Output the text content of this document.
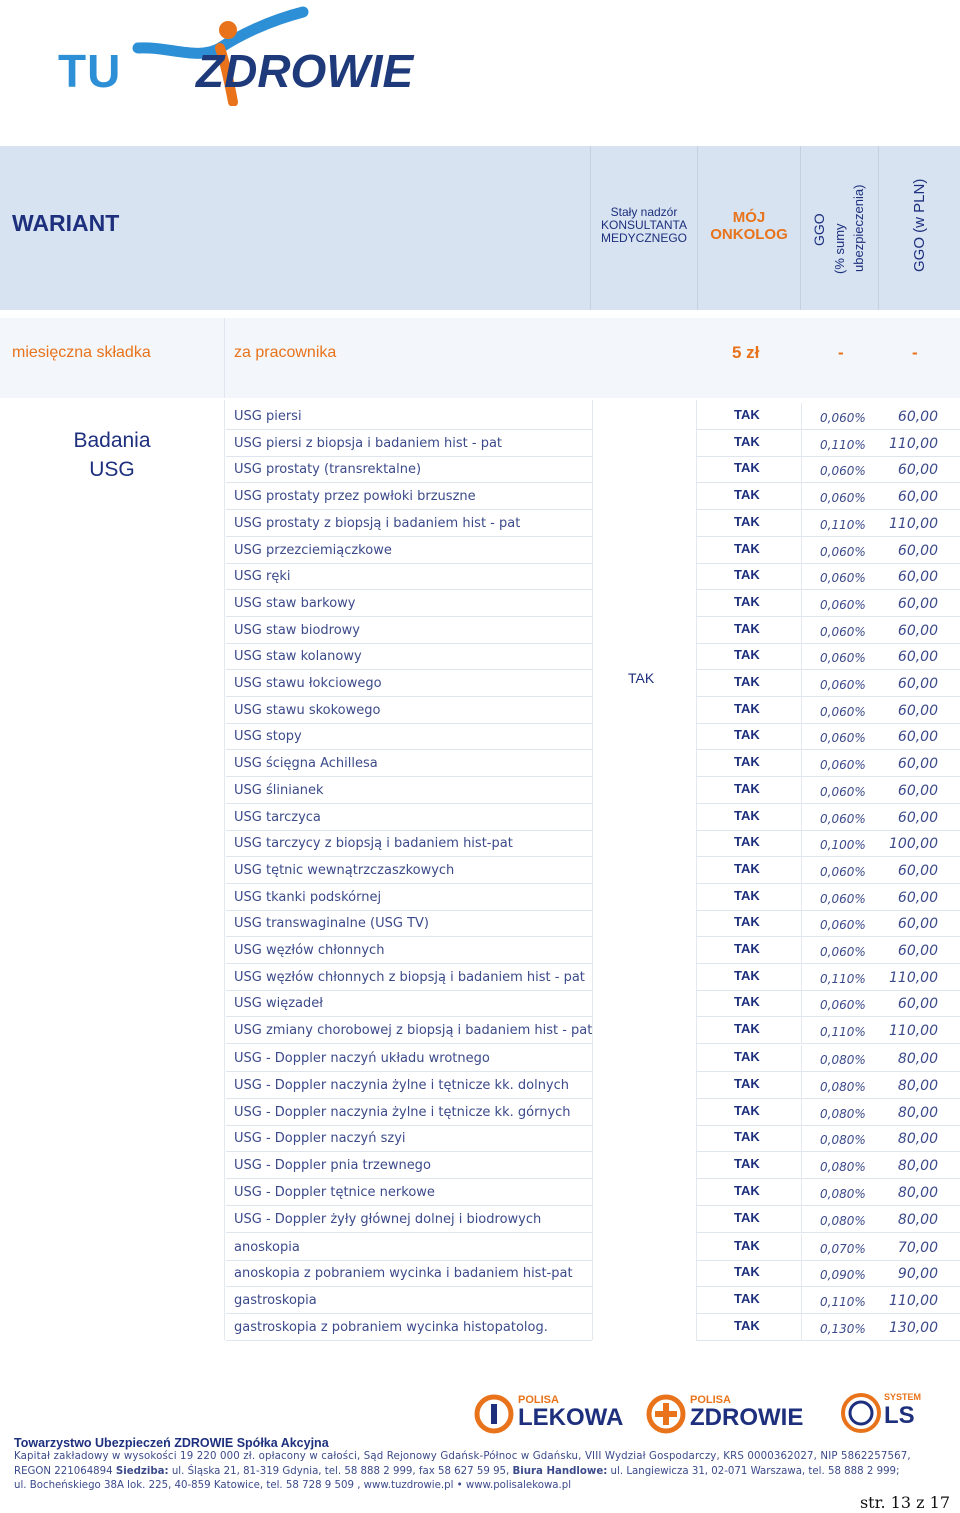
TU ZDROWIE
WARIANT	Stały nadzór
KONSULTANTA
MEDYCZNEGO
MÓJ
ONKOLOG	GGO (% sumy ubezpieczenia)	GGO (w PLN)
miesięczna składka	za pracownika	5 zł	-	-
Badania
USG
TAK
USG piersi	TAK	0,060%	60,00
USG piersi z biopsja i badaniem hist - pat	TAK	0,110%	110,00
USG prostaty (transrektalne)	TAK	0,060%	60,00
USG prostaty przez powłoki brzuszne	TAK	0,060%	60,00
USG prostaty z biopsją i badaniem hist - pat	TAK	0,110%	110,00
USG przezciemiączkowe	TAK	0,060%	60,00
USG ręki	TAK	0,060%	60,00
USG staw barkowy	TAK	0,060%	60,00
USG staw biodrowy	TAK	0,060%	60,00
USG staw kolanowy	TAK	0,060%	60,00
USG stawu łokciowego	TAK	0,060%	60,00
USG stawu skokowego	TAK	0,060%	60,00
USG stopy	TAK	0,060%	60,00
USG ścięgna Achillesa	TAK	0,060%	60,00
USG ślinianek	TAK	0,060%	60,00
USG tarczyca	TAK	0,060%	60,00
USG tarczycy z biopsją i badaniem hist-pat	TAK	0,100%	100,00
USG tętnic wewnątrzczaszkowych	TAK	0,060%	60,00
USG tkanki podskórnej	TAK	0,060%	60,00
USG transwaginalne (USG TV)	TAK	0,060%	60,00
USG węzłów chłonnych	TAK	0,060%	60,00
USG węzłów chłonnych z biopsją i badaniem hist - pat	TAK	0,110%	110,00
USG więzadeł	TAK	0,060%	60,00
USG zmiany chorobowej z biopsją i badaniem hist - pat	TAK	0,110%	110,00
USG - Doppler naczyń układu wrotnego	TAK	0,080%	80,00
USG - Doppler naczynia żylne i tętnicze kk. dolnych	TAK	0,080%	80,00
USG - Doppler naczynia żylne i tętnicze kk. górnych	TAK	0,080%	80,00
USG - Doppler naczyń szyi	TAK	0,080%	80,00
USG - Doppler pnia trzewnego	TAK	0,080%	80,00
USG - Doppler tętnice nerkowe	TAK	0,080%	80,00
USG - Doppler żyły głównej dolnej i biodrowych	TAK	0,080%	80,00
anoskopia	TAK	0,070%	70,00
anoskopia z pobraniem wycinka i badaniem hist-pat	TAK	0,090%	90,00
gastroskopia	TAK	0,110%	110,00
gastroskopia z pobraniem wycinka histopatolog.	TAK	0,130%	130,00
POLISA
LEKOWA
POLISA
ZDROWIE
SYSTEM
LS
Towarzystwo Ubezpieczeń ZDROWIE Spółka Akcyjna
Kapitał zakładowy w wysokości 19 220 000 zł. opłacony w całości, Sąd Rejonowy Gdańsk-Północ w Gdańsku, VIII Wydział Gospodarczy, KRS 0000362027, NIP 5862257567,
REGON 221064894 Siedziba: ul. Śląska 21, 81-319 Gdynia, tel. 58 888 2 999, fax 58 627 59 95, Biura Handlowe: ul. Langiewicza 31, 02-071 Warszawa, tel. 58 888 2 999;
ul. Bocheńskiego 38A lok. 225, 40-859 Katowice, tel. 58 728 9 509 , www.tuzdrowie.pl • www.polisalekowa.pl
str. 13 z 17
